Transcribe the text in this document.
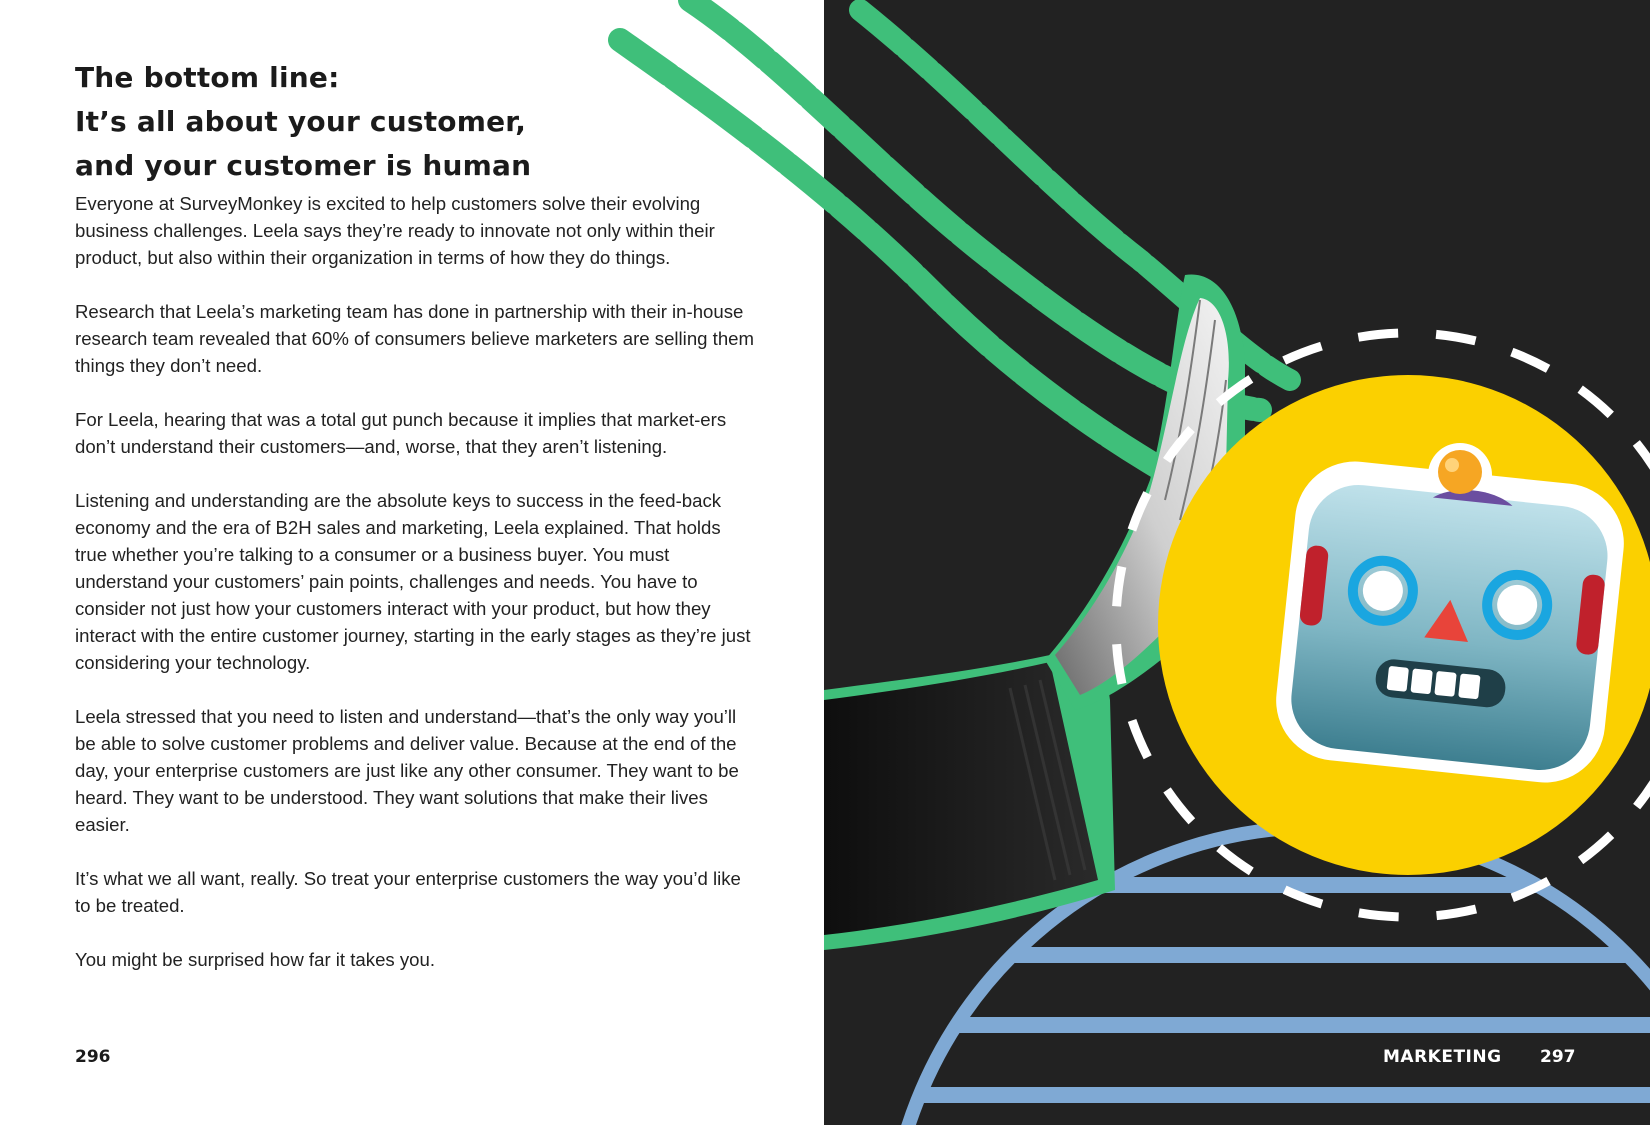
The bottom line:
It’s all about your customer,
and your customer is human

Everyone at SurveyMonkey is excited to help customers solve their evolving business challenges. Leela says they’re ready to innovate not only within their product, but also within their organization in terms of how they do things.

Research that Leela’s marketing team has done in partnership with their in-house research team revealed that 60% of consumers believe marketers are selling them things they don’t need.

For Leela, hearing that was a total gut punch because it implies that market-ers don’t understand their customers—and, worse, that they aren’t listening.

Listening and understanding are the absolute keys to success in the feed-back economy and the era of B2H sales and marketing, Leela explained. That holds true whether you’re talking to a consumer or a business buyer. You must understand your customers’ pain points, challenges and needs. You have to consider not just how your customers interact with your product, but how they interact with the entire customer journey, starting in the early stages as they’re just considering your technology.

Leela stressed that you need to listen and understand—that’s the only way you’ll be able to solve customer problems and deliver value. Because at the end of the day, your enterprise customers are just like any other consumer. They want to be heard. They want to be understood. They want solutions that make their lives easier.

It’s what we all want, really. So treat your enterprise customers the way you’d like to be treated.

You might be surprised how far it takes you.

296	MARKETING 297
